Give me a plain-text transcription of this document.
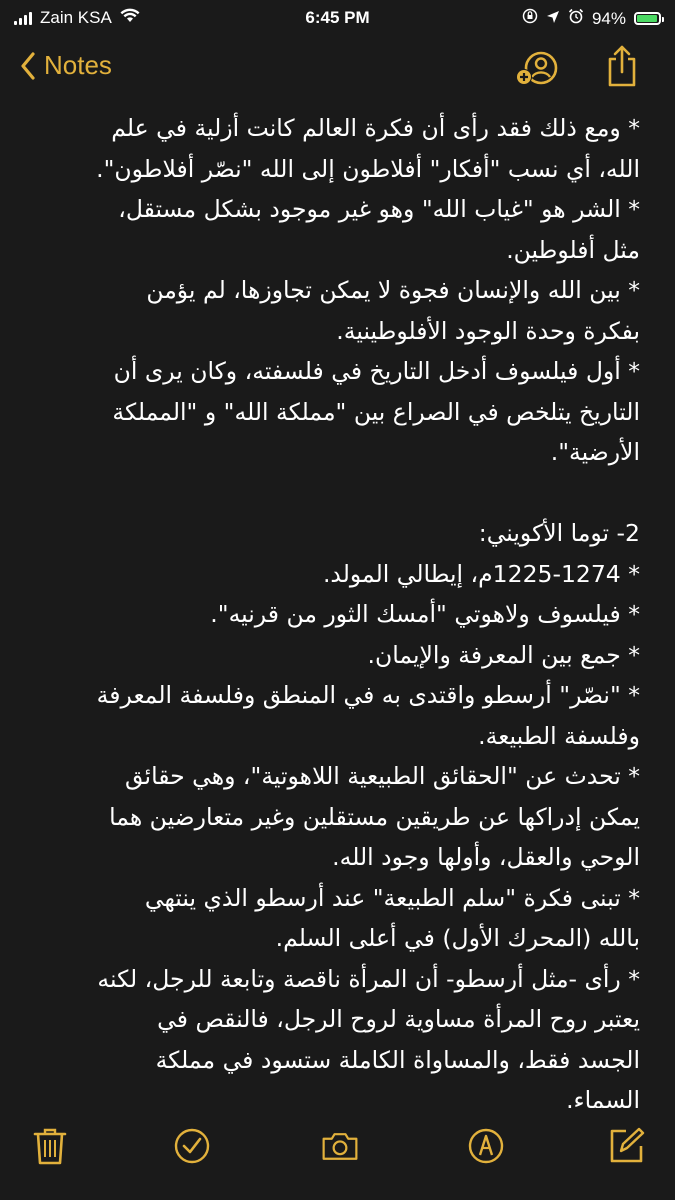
Zain KSA	6:45 PM	94%
Notes
* ومع ذلك فقد رأى أن فكرة العالم كانت أزلية في علم
الله، أي نسب "أفكار" أفلاطون إلى الله "نصّر أفلاطون".
* الشر هو "غياب الله" وهو غير موجود بشكل مستقل،
مثل أفلوطين.
* بين الله والإنسان فجوة لا يمكن تجاوزها، لم يؤمن
بفكرة وحدة الوجود الأفلوطينية.
* أول فيلسوف أدخل التاريخ في فلسفته، وكان يرى أن
التاريخ يتلخص في الصراع بين "مملكة الله" و "المملكة
الأرضية".
2- توما الأكويني:
* 1225-1274م، إيطالي المولد.
* فيلسوف ولاهوتي "أمسك الثور من قرنيه".
* جمع بين المعرفة والإيمان.
* "نصّر" أرسطو واقتدى به في المنطق وفلسفة المعرفة
وفلسفة الطبيعة.
* تحدث عن "الحقائق الطبيعية اللاهوتية"، وهي حقائق
يمكن إدراكها عن طريقين مستقلين وغير متعارضين هما
الوحي والعقل، وأولها وجود الله.
* تبنى فكرة "سلم الطبيعة" عند أرسطو الذي ينتهي
بالله (المحرك الأول) في أعلى السلم.
* رأى -مثل أرسطو- أن المرأة ناقصة وتابعة للرجل، لكنه
يعتبر روح المرأة مساوية لروح الرجل، فالنقص في
الجسد فقط، والمساواة الكاملة ستسود في مملكة
السماء.
